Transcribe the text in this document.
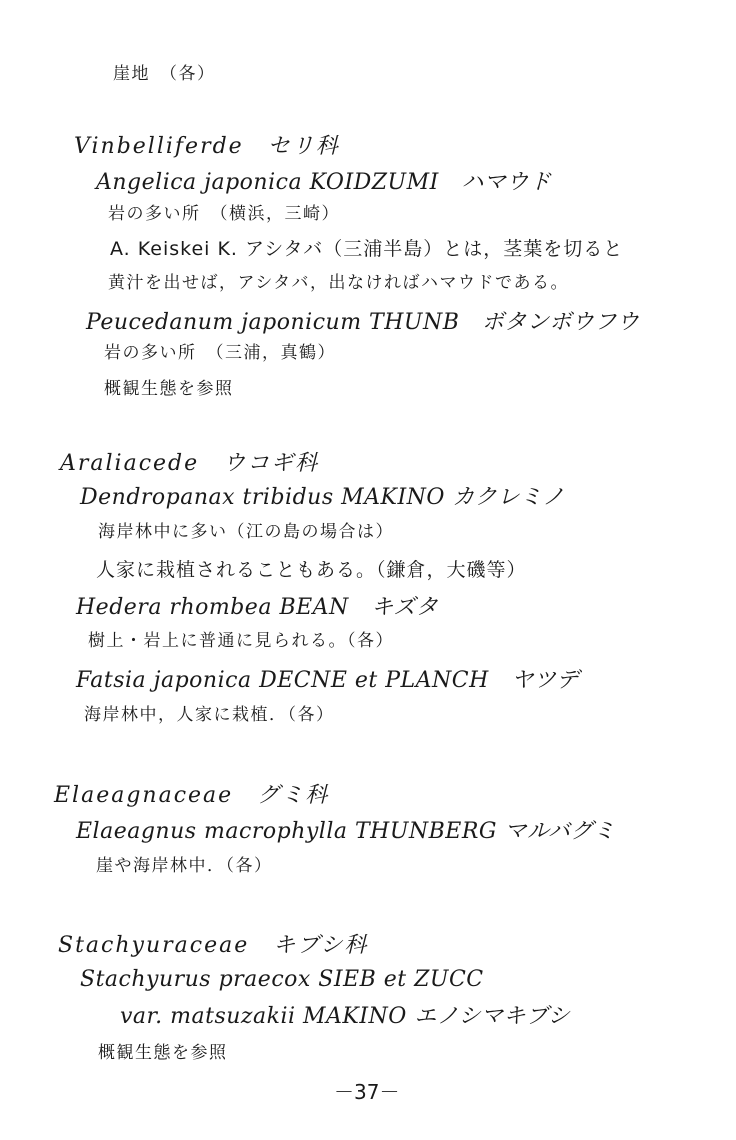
崖地　（各）
Vinbelliferde　セリ科
Angelica japonica KOIDZUMI　ハマウド
岩の多い所　（横浜，三崎）
A. Keiskei K. アシタバ（三浦半島）とは，茎葉を切ると
黄汁を出せば，アシタバ，出なければハマウドである。
Peucedanum japonicum THUNB　ボタンボウフウ
岩の多い所　（三浦，真鶴）
概観生態を参照
Araliacede　ウコギ科
Dendropanax tribidus MAKINO カクレミノ
海岸林中に多い（江の島の場合は）
人家に栽植されることもある。（鎌倉，大磯等）
Hedera rhombea BEAN　キズタ
樹上・岩上に普通に見られる。（各）
Fatsia japonica DECNE et PLANCH　ヤツデ
海岸林中，人家に栽植．（各）
Elaeagnaceae　グミ科
Elaeagnus macrophylla THUNBERG マルバグミ
崖や海岸林中．（各）
Stachyuraceae　キブシ科
Stachyurus praecox SIEB et ZUCC
var. matsuzakii MAKINO エノシマキブシ
概観生態を参照
－37－
